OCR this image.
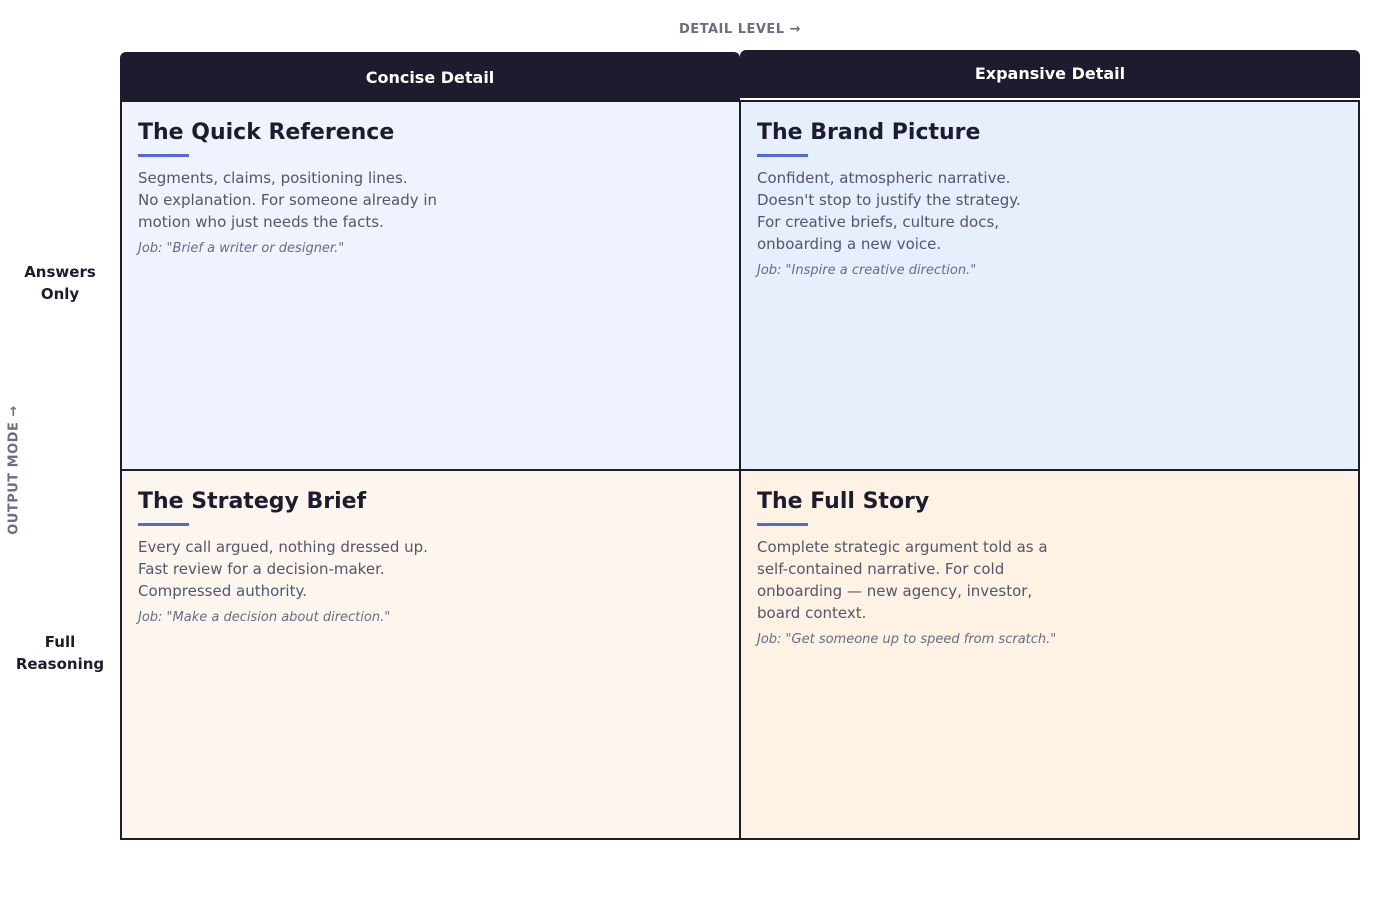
DETAIL LEVEL →
OUTPUT MODE →
Concise Detail	Expansive Detail
Answers
Only
Full
Reasoning
The Quick Reference
Segments, claims, positioning lines.
No explanation. For someone already in
motion who just needs the facts.
Job: "Brief a writer or designer."
The Brand Picture
Confident, atmospheric narrative.
Doesn't stop to justify the strategy.
For creative briefs, culture docs,
onboarding a new voice.
Job: "Inspire a creative direction."
The Strategy Brief
Every call argued, nothing dressed up.
Fast review for a decision-maker.
Compressed authority.
Job: "Make a decision about direction."
The Full Story
Complete strategic argument told as a
self-contained narrative. For cold
onboarding — new agency, investor,
board context.
Job: "Get someone up to speed from scratch."
